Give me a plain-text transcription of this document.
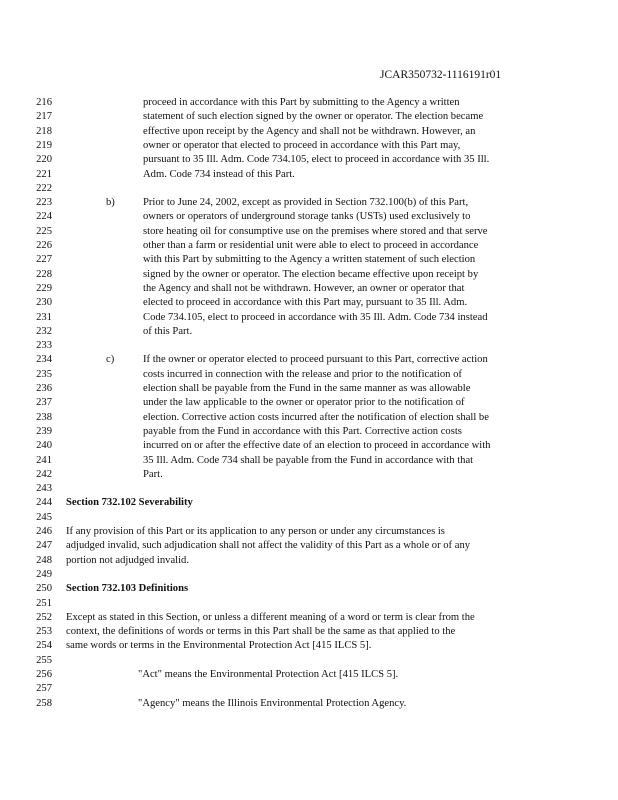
JCAR350732-1116191r01
216	proceed in accordance with this Part by submitting to the Agency a written
217	statement of such election signed by the owner or operator. The election became
218	effective upon receipt by the Agency and shall not be withdrawn. However, an
219	owner or operator that elected to proceed in accordance with this Part may,
220	pursuant to 35 Ill. Adm. Code 734.105, elect to proceed in accordance with 35 Ill.
221	Adm. Code 734 instead of this Part.
222
223	b)	Prior to June 24, 2002, except as provided in Section 732.100(b) of this Part,
224	owners or operators of underground storage tanks (USTs) used exclusively to
225	store heating oil for consumptive use on the premises where stored and that serve
226	other than a farm or residential unit were able to elect to proceed in accordance
227	with this Part by submitting to the Agency a written statement of such election
228	signed by the owner or operator. The election became effective upon receipt by
229	the Agency and shall not be withdrawn. However, an owner or operator that
230	elected to proceed in accordance with this Part may, pursuant to 35 Ill. Adm.
231	Code 734.105, elect to proceed in accordance with 35 Ill. Adm. Code 734 instead
232	of this Part.
233
234	c)	If the owner or operator elected to proceed pursuant to this Part, corrective action
235	costs incurred in connection with the release and prior to the notification of
236	election shall be payable from the Fund in the same manner as was allowable
237	under the law applicable to the owner or operator prior to the notification of
238	election. Corrective action costs incurred after the notification of election shall be
239	payable from the Fund in accordance with this Part. Corrective action costs
240	incurred on or after the effective date of an election to proceed in accordance with
241	35 Ill. Adm. Code 734 shall be payable from the Fund in accordance with that
242	Part.
243
244 Section 732.102 Severability
245
246 If any provision of this Part or its application to any person or under any circumstances is
247 adjudged invalid, such adjudication shall not affect the validity of this Part as a whole or of any
248 portion not adjudged invalid.
249
250 Section 732.103 Definitions
251
252 Except as stated in this Section, or unless a different meaning of a word or term is clear from the
253 context, the definitions of words or terms in this Part shall be the same as that applied to the
254 same words or terms in the Environmental Protection Act [415 ILCS 5].
255
256	"Act" means the Environmental Protection Act [415 ILCS 5].
257
258	"Agency" means the Illinois Environmental Protection Agency.
